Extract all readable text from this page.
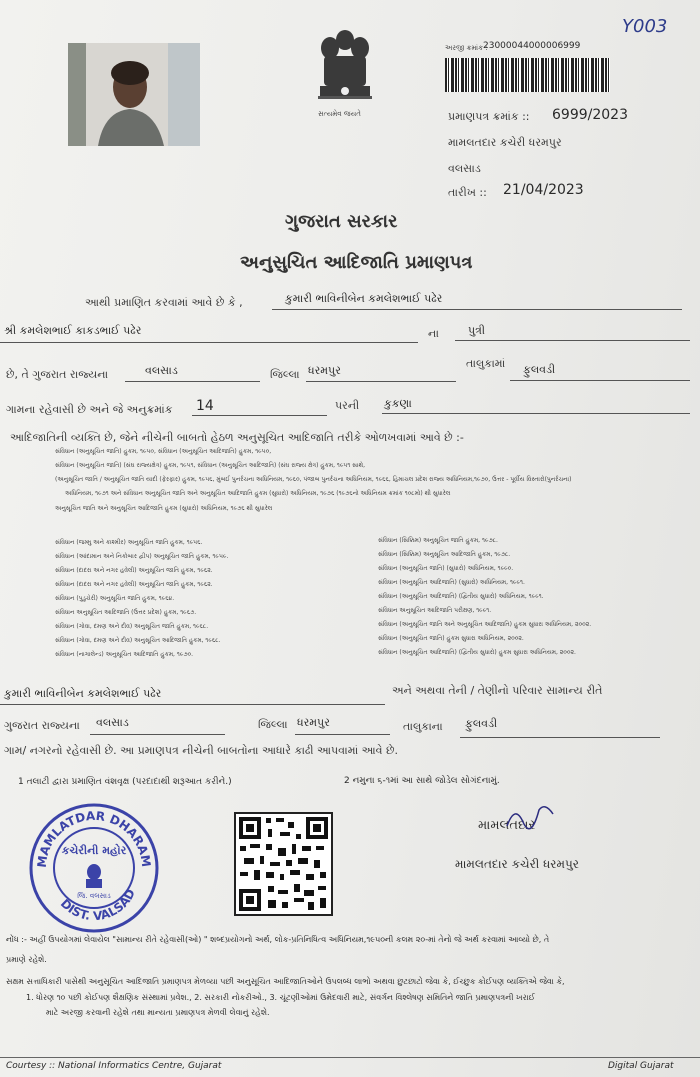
સત્યમેવ જયતે
Y003
અરજી ક્રમાંક :
23000044000006999
પ્રમાણપત્ર ક્રમાંક :: 6999/2023
મામલતદાર કચેરી ધરમપુર
વલસાડ
તારીખ :: 21/04/2023
ગુજરાત સરકાર
અનુસુચિત આદિજાતિ પ્રમાણપત્ર
આથી પ્રમાણિત કરવામાં આવે છે કે ,	કુમારી ભાવિનીબેન કમલેશભાઈ પઢેર
શ્રી કમલેશભાઈ કાકડભાઈ પઢેર	ના	પુત્રી
છે, તે ગુજરાત રાજ્યના	વલસાડ	જિલ્લા ધરમપુર
તાલુકામાં ફુલવડી
ગામના રહેવાસી છે અને જે અનુક્રમાંક 14	પરની કુકણા
આદિજાતિની વ્યક્તિ છે, જેને નીચેની બાબતો હેઠળ અનુસૂચિત આદિજાતિ તરીકે ઓળખવામાં આવે છે :-
સંવિધાન (અનુસૂચિત જાતિ) હુકમ, ૧૯૫૦, સંવિધાન (અનુસૂચિત આદિજાતિ) હુકમ, ૧૯૫૦,
સંવિધાન (અનુસૂચિત જાતિ) (સંઘ રાજ્યક્ષેત્ર) હુકમ, ૧૯૫૧, સંવિધાન (અનુસૂચિત આદિજાતિ) (સંઘ રાજ્ય ક્ષેત્ર) હુકમ, ૧૯૫૧ સાથે,
(અનુસૂચિત જાતિ / અનુસૂચિત જાતિ યાદી (ફેરફાર) હુકમ, ૧૯૫૬, મુંબઈ પુનર્રચના અધિનિયમ, ૧૯૬૦, પંજાબ પુનર્રચના અધિનિયમ, ૧૯૬૬, હિમાચલ પ્રદેશ રાજ્ય અધિનિયમ,૧૯૭૦, ઉત્તર - પૂર્વીય વિસ્તારો(પુનર્રચના)
અધિનિયમ, ૧૯૭૧ અને સંવિધાન અનુસૂચિત જાતિ અને અનુસૂચિત આદિજાતિ હુકમ (સુધારો) અધિનિયમ, ૧૯૭૬ (૧૯૭૬નો અધિનિયમ ક્રમાંક ૧૦૮મો) થી સુધારેલ
અનુસૂચિત જાતિ અને અનુસૂચિત આદિજાતિ હુકમ (સુધારો) અધિનિયમ, ૧૯૭૬ થી સુધારેલ
સંવિધાન (જમ્મુ અને કાશ્મીર) અનુસૂચિત જાતિ હુકમ, ૧૯૫૬.
સંવિધાન (આંદામાન અને નિકોબાર દ્વીપ) અનુસૂચિત જાતિ હુકમ, ૧૯૫૯.
સંવિધાન (દાદરા અને નગર હવેલી) અનુસૂચિત જાતિ હુકમ, ૧૯૬૨.
સંવિધાન (દાદરા અને નગર હવેલી) અનુસૂચિત જાતિ હુકમ, ૧૯૬૨.
સંવિધાન (પુડુચેરી) અનુસૂચિત જાતિ હુકમ, ૧૯૬૪.
સંવિધાન અનુસૂચિત આદિજાતિ (ઉત્તર પ્રદેશ) હુકમ, ૧૯૬૭.
સંવિધાન (ગોવા, દમણ અને દીવ) અનુસૂચિત જાતિ હુકમ, ૧૯૬૮.
સંવિધાન (ગોવા, દમણ અને દીવ) અનુસૂચિત આદિજાતિ હુકમ, ૧૯૬૮.
સંવિધાન (નાગાલેન્ડ) અનુસૂચિત આદિજાતિ હુકમ, ૧૯૭૦.
સંવિધાન (સિક્કિમ) અનુસૂચિત જાતિ હુકમ, ૧૯૭૮.
સંવિધાન (સિક્કિમ) અનુસૂચિત આદિજાતિ હુકમ, ૧૯૭૮.
સંવિધાન (અનુસૂચિત જાતિ) (સુધારો) અધિનિયમ, ૧૯૯૦.
સંવિધાન (અનુસૂચિત આદિજાતિ) (સુધારો) અધિનિયમ, ૧૯૯૧.
સંવિધાન (અનુસૂચિત આદિજાતિ) (દ્વિતીય સુધારો) અધિનિયમ, ૧૯૯૧.
સંવિધાન અનુસૂચિત આદિજાતિ પરીક્ષણ, ૧૯૯૧.
સંવિધાન (અનુસૂચિત જાતિ અને અનુસૂચિત આદિજાતિ) હુકમ સુધારા અધિનિયમ, ૨૦૦૨.
સંવિધાન (અનુસૂચિત જાતિ) હુકમ સુધારા અધિનિયમ, ૨૦૦૨.
સંવિધાન (અનુસૂચિત આદિજાતિ) (દ્વિતીય સુધારો) હુકમ સુધારા અધિનિયમ, ૨૦૦૨.
કુમારી ભાવિનીબેન કમલેશભાઈ પઢેર	અને અથવા તેની / તેણીનો પરિવાર સામાન્ય રીતે
ગુજરાત રાજ્યના વલસાડ	જિલ્લા ધરમપુર	તાલુકાના ફુલવડી
ગામ/ નગરનો રહેવાસી છે. આ પ્રમાણપત્ર નીચેની બાબતોના આધારે કાઢી આપવામાં આવે છે.
1 તલાટી દ્વારા પ્રમાણિત વંશવૃક્ષ (પરદાદાથી શરૂઆત કરીને.)	2 નમુના ૬-૧માં આ સાથે જોડેલ સોગંદનામું.
MAMLATDAR DHARAM
DIST. VALSAD
કચેરીની મહોર
જિ. વલસાડ
મામલતદાર
મામલતદાર કચેરી ધરમપુર
નોંધ :- અહીં ઉપયોગમાં લેવાયેલ "સામાન્ય રીતે રહેવાસી(ઓ) " શબ્દપ્રયોગનો અર્થ, લોક-પ્રતિનિધિત્વ અધિનિયમ,૧૯૫૦ની કલમ ૨૦-માં તેનો જે અર્થ કરવામાં આવ્યો છે, તે
પ્રમાણે રહેશે.
સક્ષમ સત્તાધિકારી પાસેથી અનુસૂચિત આદિજાતિ પ્રમાણપત્ર મેળવ્યા પછી અનુસૂચિત આદિજાતિઓને ઉપલબ્ધ લાભો અથવા છુટછાટો જેવા કે, ઈચ્છુક કોઈપણ વ્યક્તિએ જેવા કે,
1. ધોરણ ૧૦ પછી કોઈપણ શૈક્ષણિક સંસ્થામાં પ્રવેશ., 2. સરકારી નોકરીઓ., 3. ચૂંટણીઓમાં ઉમેદવારી માટે, સંવર્ગન વિશ્લેષણ સમિતિને જાતિ પ્રમાણપત્રની ખરાઈ
માટે અરજી કરવાની રહેશે તથા માન્યતા પ્રમાણપત્ર મેળવી લેવાનું રહેશે.
Courtesy :: National Informatics Centre, Gujarat	Digital Gujarat
